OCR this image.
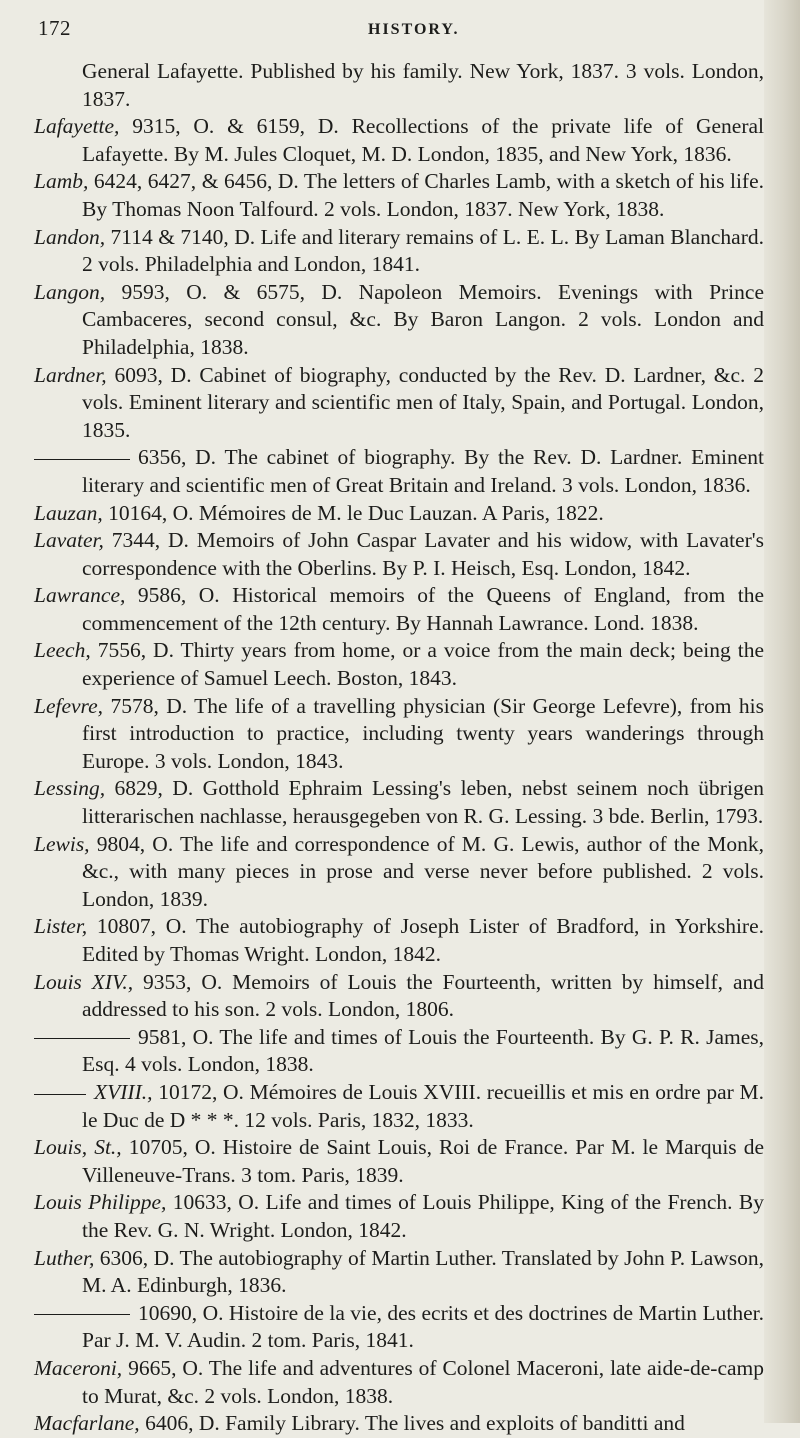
172	HISTORY.

General Lafayette. Published by his family. New York, 1837. 3 vols. London, 1837.

Lafayette, 9315, O. & 6159, D. Recollections of the private life of General Lafayette. By M. Jules Cloquet, M. D. London, 1835, and New York, 1836.

Lamb, 6424, 6427, & 6456, D. The letters of Charles Lamb, with a sketch of his life. By Thomas Noon Talfourd. 2 vols. London, 1837. New York, 1838.

Landon, 7114 & 7140, D. Life and literary remains of L. E. L. By Laman Blanchard. 2 vols. Philadelphia and London, 1841.

Langon, 9593, O. & 6575, D. Napoleon Memoirs. Evenings with Prince Cambaceres, second consul, &c. By Baron Langon. 2 vols. London and Philadelphia, 1838.

Lardner, 6093, D. Cabinet of biography, conducted by the Rev. D. Lardner, &c. 2 vols. Eminent literary and scientific men of Italy, Spain, and Portugal. London, 1835.

6356, D. The cabinet of biography. By the Rev. D. Lardner. Eminent literary and scientific men of Great Britain and Ireland. 3 vols. London, 1836.

Lauzan, 10164, O. Mémoires de M. le Duc Lauzan. A Paris, 1822.

Lavater, 7344, D. Memoirs of John Caspar Lavater and his widow, with Lavater's correspondence with the Oberlins. By P. I. Heisch, Esq. London, 1842.

Lawrance, 9586, O. Historical memoirs of the Queens of England, from the commencement of the 12th century. By Hannah Lawrance. Lond. 1838.

Leech, 7556, D. Thirty years from home, or a voice from the main deck; being the experience of Samuel Leech. Boston, 1843.

Lefevre, 7578, D. The life of a travelling physician (Sir George Lefevre), from his first introduction to practice, including twenty years wanderings through Europe. 3 vols. London, 1843.

Lessing, 6829, D. Gotthold Ephraim Lessing's leben, nebst seinem noch übrigen litterarischen nachlasse, herausgegeben von R. G. Lessing. 3 bde. Berlin, 1793.

Lewis, 9804, O. The life and correspondence of M. G. Lewis, author of the Monk, &c., with many pieces in prose and verse never before published. 2 vols. London, 1839.

Lister, 10807, O. The autobiography of Joseph Lister of Bradford, in Yorkshire. Edited by Thomas Wright. London, 1842.

Louis XIV., 9353, O. Memoirs of Louis the Fourteenth, written by himself, and addressed to his son. 2 vols. London, 1806.

9581, O. The life and times of Louis the Fourteenth. By G. P. R. James, Esq. 4 vols. London, 1838.

XVIII., 10172, O. Mémoires de Louis XVIII. recueillis et mis en ordre par M. le Duc de D * * *. 12 vols. Paris, 1832, 1833.

Louis, St., 10705, O. Histoire de Saint Louis, Roi de France. Par M. le Marquis de Villeneuve-Trans. 3 tom. Paris, 1839.

Louis Philippe, 10633, O. Life and times of Louis Philippe, King of the French. By the Rev. G. N. Wright. London, 1842.

Luther, 6306, D. The autobiography of Martin Luther. Translated by John P. Lawson, M. A. Edinburgh, 1836.

10690, O. Histoire de la vie, des ecrits et des doctrines de Martin Luther. Par J. M. V. Audin. 2 tom. Paris, 1841.

Maceroni, 9665, O. The life and adventures of Colonel Maceroni, late aide-de-camp to Murat, &c. 2 vols. London, 1838.

Macfarlane, 6406, D. Family Library. The lives and exploits of banditti and
